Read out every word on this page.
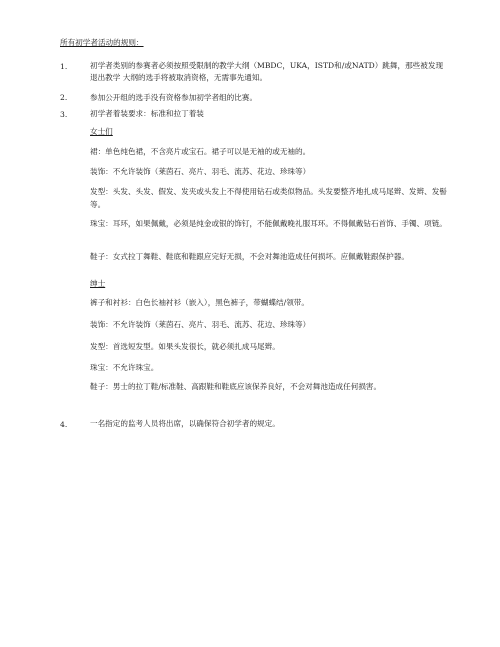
所有初学者活动的规则：
1.	初学者类别的参赛者必须按照受限制的教学大纲（MBDC，UKA，ISTD和/或NATD）跳舞，那些被发现退出教学 大纲的选手将被取消资格，无需事先通知。
2.	参加公开组的选手没有资格参加初学者组的比赛。
3.	初学者着装要求：标准和拉丁着装
女士们
裙：单色纯色裙，不含亮片或宝石。裙子可以是无袖的或无袖的。
装饰：不允许装饰（莱茵石、亮片、羽毛、流苏、花边、珍珠等）
发型：头发、头发、假发、发夹或头发上不得使用钻石或类似物品。头发要整齐地扎成马尾辫、发辫、发髻 等。
珠宝：耳环，如果佩戴，必须是纯金或银的饰钉，不能佩戴晚礼服耳环。不得佩戴钻石首饰、手镯、项链。
鞋子：女式拉丁舞鞋、鞋底和鞋跟应完好无损，不会对舞池造成任何损坏。应佩戴鞋跟保护器。
绅士
裤子和衬衫：白色长袖衬衫（嵌入），黑色裤子，带蝴蝶结/领带。
装饰：不允许装饰（莱茵石、亮片、羽毛、流苏、花边、珍珠等）
发型：首选短发型。如果头发很长，就必须扎成马尾辫。
珠宝：不允许珠宝。
鞋子：男士的拉丁鞋/标准鞋、高跟鞋和鞋底应该保养良好，不会对舞池造成任何损害。
4.	一名指定的监考人员将出席，以确保符合初学者的规定。
